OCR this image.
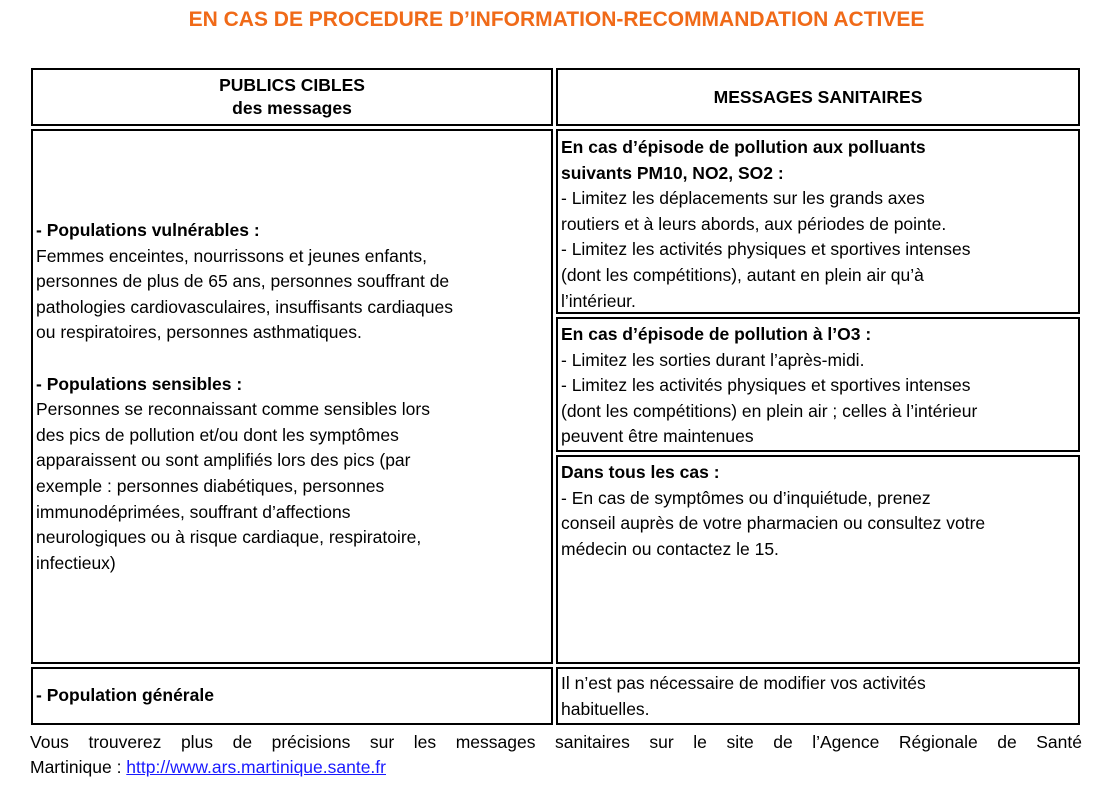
EN CAS DE PROCEDURE D’INFORMATION-RECOMMANDATION ACTIVEE
PUBLICS CIBLES
des messages
MESSAGES SANITAIRES
- Populations vulnérables :
Femmes enceintes, nourrissons et jeunes enfants,
personnes de plus de 65 ans, personnes souffrant de
pathologies cardiovasculaires, insuffisants cardiaques
ou respiratoires, personnes asthmatiques.
- Populations sensibles :
Personnes se reconnaissant comme sensibles lors
des pics de pollution et/ou dont les symptômes
apparaissent ou sont amplifiés lors des pics (par
exemple : personnes diabétiques, personnes
immunodéprimées, souffrant d’affections
neurologiques ou à risque cardiaque, respiratoire,
infectieux)
En cas d’épisode de pollution aux polluants
suivants PM10, NO2, SO2 :
- Limitez les déplacements sur les grands axes
routiers et à leurs abords, aux périodes de pointe.
- Limitez les activités physiques et sportives intenses
(dont les compétitions), autant en plein air qu’à
l’intérieur.
En cas d’épisode de pollution à l’O3 :
- Limitez les sorties durant l’après-midi.
- Limitez les activités physiques et sportives intenses
(dont les compétitions) en plein air ; celles à l’intérieur
peuvent être maintenues
Dans tous les cas :
- En cas de symptômes ou d’inquiétude, prenez
conseil auprès de votre pharmacien ou consultez votre
médecin ou contactez le 15.
- Population générale
Il n’est pas nécessaire de modifier vos activités
habituelles.
Vous trouverez plus de précisions sur les messages sanitaires sur le site de l’Agence Régionale de Santé
Martinique : http://www.ars.martinique.sante.fr
